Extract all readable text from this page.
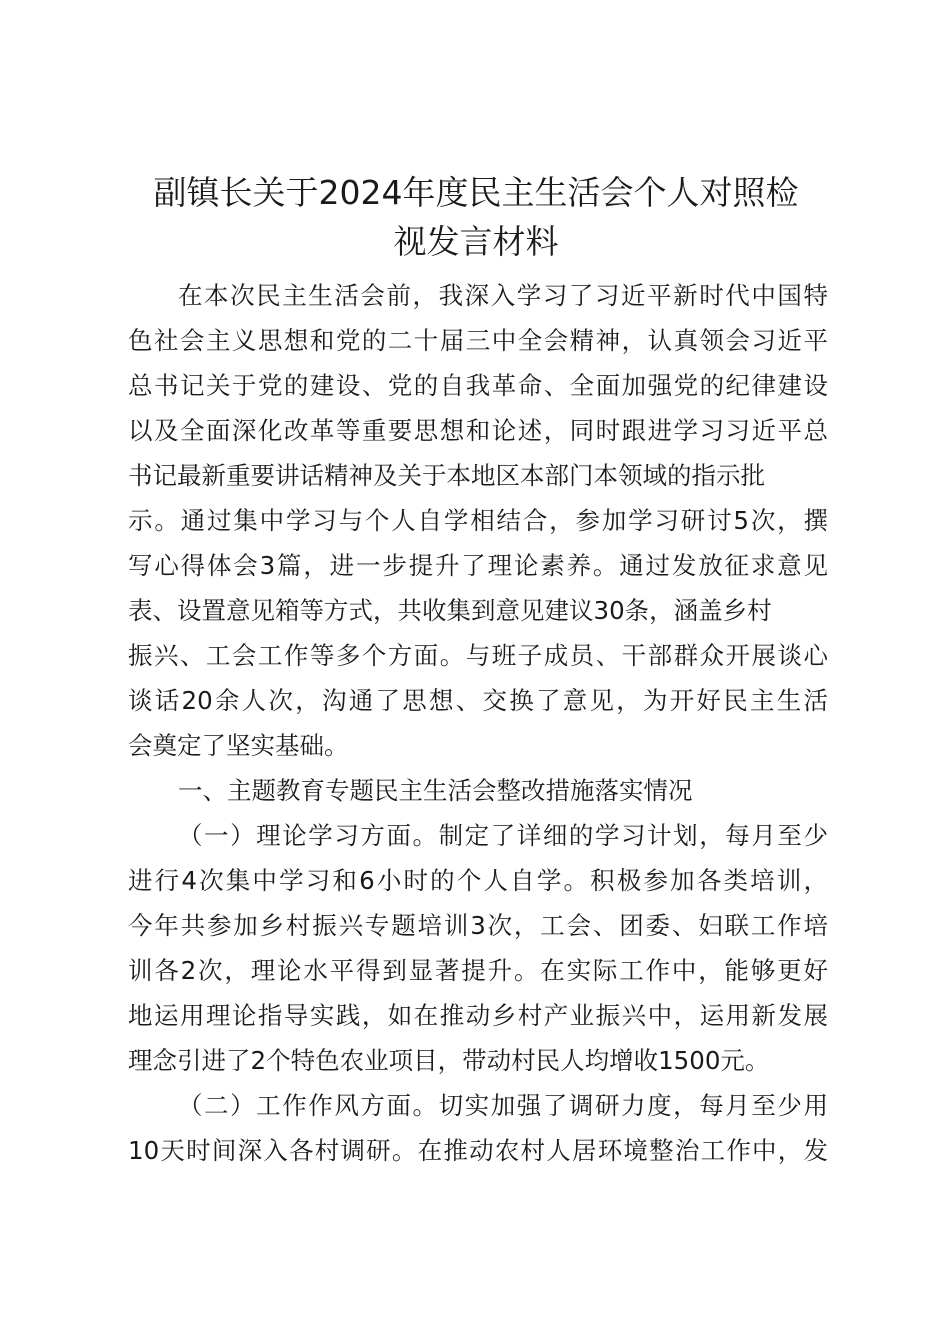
副镇长关于2024年度民主生活会个人对照检
视发言材料

在本次民主生活会前，我深入学习了习近平新时代中国特

色社会主义思想和党的二十届三中全会精神，认真领会习近平

总书记关于党的建设、党的自我革命、全面加强党的纪律建设

以及全面深化改革等重要思想和论述，同时跟进学习习近平总

书记最新重要讲话精神及关于本地区本部门本领域的指示批

示。通过集中学习与个人自学相结合，参加学习研讨5次，撰

写心得体会3篇，进一步提升了理论素养。通过发放征求意见

表、设置意见箱等方式，共收集到意见建议30条，涵盖乡村

振兴、工会工作等多个方面。与班子成员、干部群众开展谈心

谈话20余人次，沟通了思想、交换了意见，为开好民主生活

会奠定了坚实基础。

一、主题教育专题民主生活会整改措施落实情况

（一）理论学习方面。制定了详细的学习计划，每月至少

进行4次集中学习和6小时的个人自学。积极参加各类培训，

今年共参加乡村振兴专题培训3次，工会、团委、妇联工作培

训各2次，理论水平得到显著提升。在实际工作中，能够更好

地运用理论指导实践，如在推动乡村产业振兴中，运用新发展

理念引进了2个特色农业项目，带动村民人均增收1500元。

（二）工作作风方面。切实加强了调研力度，每月至少用

10天时间深入各村调研。在推动农村人居环境整治工作中，发
